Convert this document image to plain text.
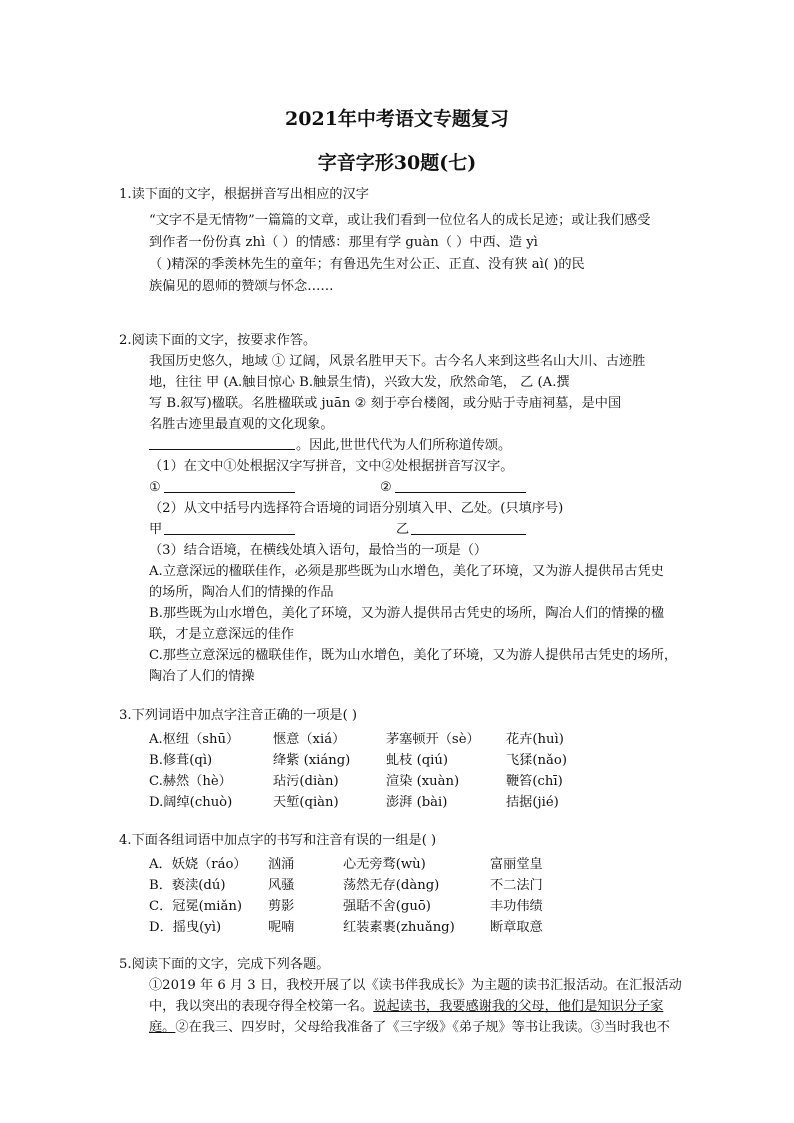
2021年中考语文专题复习
字音字形30题(七)
1.读下面的文字，根据拼音写出相应的汉字
“文字不是无情物”一篇篇的文章，或让我们看到一位位名人的成长足迹；或让我们感受
到作者一份份真 zhì（ ）的情感：那里有学 guàn（ ）中西、造 yì
（ )精深的季羡林先生的童年；有鲁迅先生对公正、正直、没有狭 aì( )的民
族偏见的恩师的赞颂与怀念……
2.阅读下面的文字，按要求作答。
我国历史悠久，地域 ① 辽阔，风景名胜甲天下。古今名人来到这些名山大川、古迹胜
地，往往 甲 (A.触目惊心 B.触景生情)，兴致大发，欣然命笔， 乙 (A.撰
写 B.叙写)楹联。名胜楹联或 juān ② 刻于亭台楼阁，或分贴于寺庙祠墓，是中国
名胜古迹里最直观的文化现象。
。因此,世世代代为人们所称道传颂。
（1）在文中①处根据汉字写拼音，文中②处根据拼音写汉字。
①	②
（2）从文中括号内选择符合语境的词语分别填入甲、乙处。(只填序号)
甲	乙
（3）结合语境，在横线处填入语句，最恰当的一项是（）
A.立意深远的楹联佳作，必须是那些既为山水增色，美化了环境，又为游人提供吊古凭史
的场所，陶冶人们的情操的作品
B.那些既为山水增色，美化了环境，又为游人提供吊古凭史的场所，陶冶人们的情操的楹
联，才是立意深远的佳作
C.那些立意深远的楹联佳作，既为山水增色，美化了环境，又为游人提供吊古凭史的场所，
陶冶了人们的情操
3.下列词语中加点字注音正确的一项是( )
A.枢纽（shū）	惬意（xiá）	茅塞顿开（sè） 花卉(huì)
B.修葺(qì)	绛紫 (xiáng)	虬枝 (qiú)	飞猱(nǎo)
C.赫然（hè）	玷污(diàn)	渲染 (xuàn)	鞭笞(chī)
D.阔绰(chuò)	天堑(qiàn)	澎湃 (bài)	拮据(jié)
4.下面各组词语中加点字的书写和注音有误的一组是( )
A．妖娆（ráo） 汹涌	心无旁骛(wù)	富丽堂皇
B．亵渎(dú)	风骚	荡然无存(dàng)	不二法门
C．冠冕(miǎn) 剪影	强聒不舍(guō)	丰功伟绩
D．摇曳(yì)	呢喃	红装素裹(zhuǎng)	断章取意
5.阅读下面的文字，完成下列各题。
①2019 年 6 月 3 日，我校开展了以《读书伴我成长》为主题的读书汇报活动。在汇报活动
中，我以突出的表现夺得全校第一名。说起读书，我要感谢我的父母，他们是知识分子家
庭。②在我三、四岁时，父母给我准备了《三字级》《弟子规》等书让我读。③当时我也不
